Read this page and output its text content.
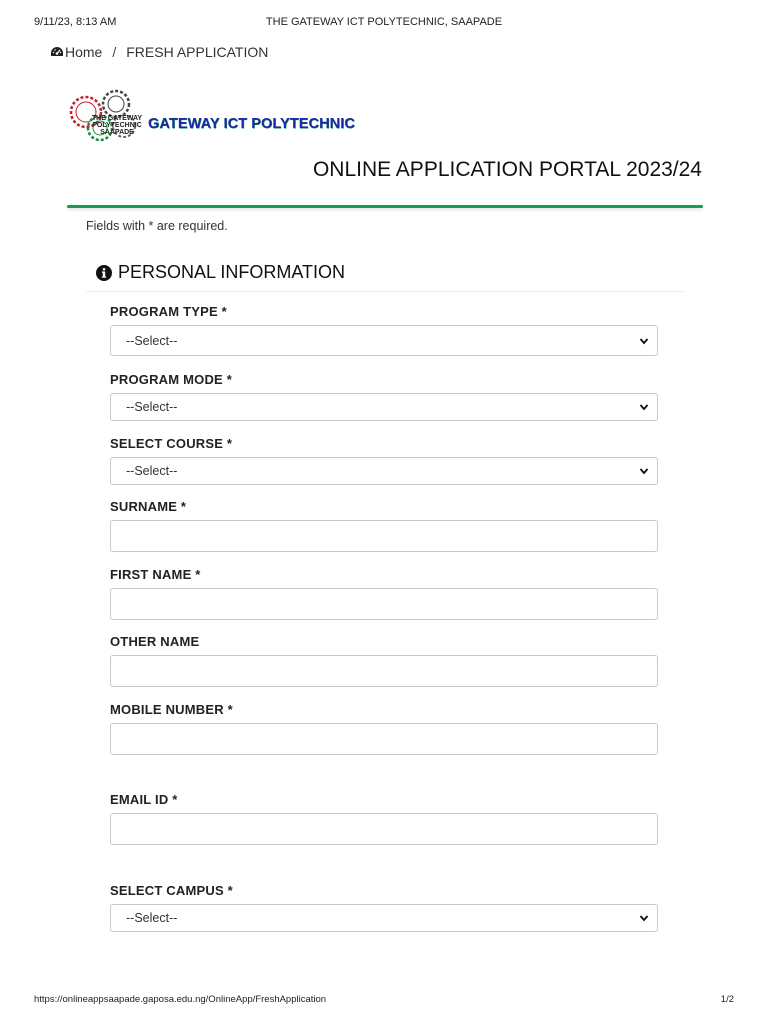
9/11/23, 8:13 AM	THE GATEWAY ICT POLYTECHNIC, SAAPADE
Home / FRESH APPLICATION
THE GATEWAY
POLYTECHNIC
SAAPADE
GATEWAY ICT POLYTECHNIC
ONLINE APPLICATION PORTAL 2023/24
Fields with * are required.
PERSONAL INFORMATION
PROGRAM TYPE *
--Select--
PROGRAM MODE *
--Select--
SELECT COURSE *
--Select--
SURNAME *
FIRST NAME *
OTHER NAME
MOBILE NUMBER *
EMAIL ID *
SELECT CAMPUS *
--Select--
https://onlineappsaapade.gaposa.edu.ng/OnlineApp/FreshApplication	1/2
